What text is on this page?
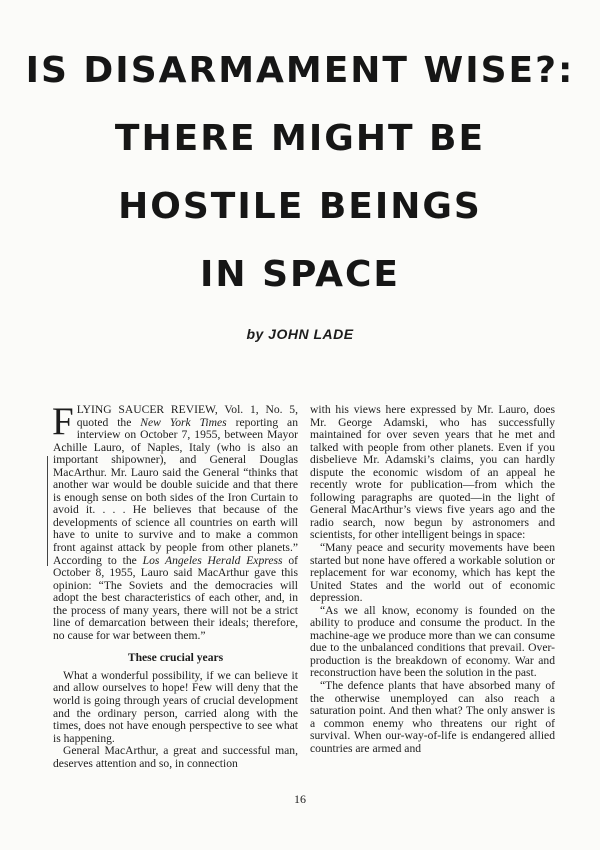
IS DISARMAMENT WISE?:
THERE MIGHT BE
HOSTILE BEINGS
IN SPACE
by JOHN LADE

FLYING SAUCER REVIEW, Vol. 1, No. 5, quoted the New York Times reporting an interview on October 7, 1955, between Mayor Achille Lauro, of Naples, Italy (who is also an important shipowner), and General Douglas MacArthur. Mr. Lauro said the General “thinks that another war would be double suicide and that there is enough sense on both sides of the Iron Curtain to avoid it. . . . He believes that because of the developments of science all countries on earth will have to unite to survive and to make a common front against attack by people from other planets.” According to the Los Angeles Herald Express of October 8, 1955, Lauro said MacArthur gave this opinion: “The Soviets and the democracies will adopt the best characteristics of each other, and, in the process of many years, there will not be a strict line of demarcation between their ideals; therefore, no cause for war between them.”

These crucial years

What a wonderful possibility, if we can believe it and allow ourselves to hope! Few will deny that the world is going through years of crucial development and the ordinary person, carried along with the times, does not have enough perspective to see what is happening.

General MacArthur, a great and successful man, deserves attention and so, in connection

with his views here expressed by Mr. Lauro, does Mr. George Adamski, who has successfully maintained for over seven years that he met and talked with people from other planets. Even if you disbelieve Mr. Adamski’s claims, you can hardly dispute the economic wisdom of an appeal he recently wrote for publication—from which the following paragraphs are quoted—in the light of General MacArthur’s views five years ago and the radio search, now begun by astronomers and scientists, for other intelligent beings in space:

“Many peace and security movements have been started but none have offered a workable solution or replacement for war economy, which has kept the United States and the world out of economic depression.

“As we all know, economy is founded on the ability to produce and consume the product. In the machine-age we produce more than we can consume due to the unbalanced conditions that prevail. Over-production is the breakdown of economy. War and reconstruction have been the solution in the past.

“The defence plants that have absorbed many of the otherwise unemployed can also reach a saturation point. And then what? The only answer is a common enemy who threatens our right of survival. When our-way-of-life is endangered allied countries are armed and

16
